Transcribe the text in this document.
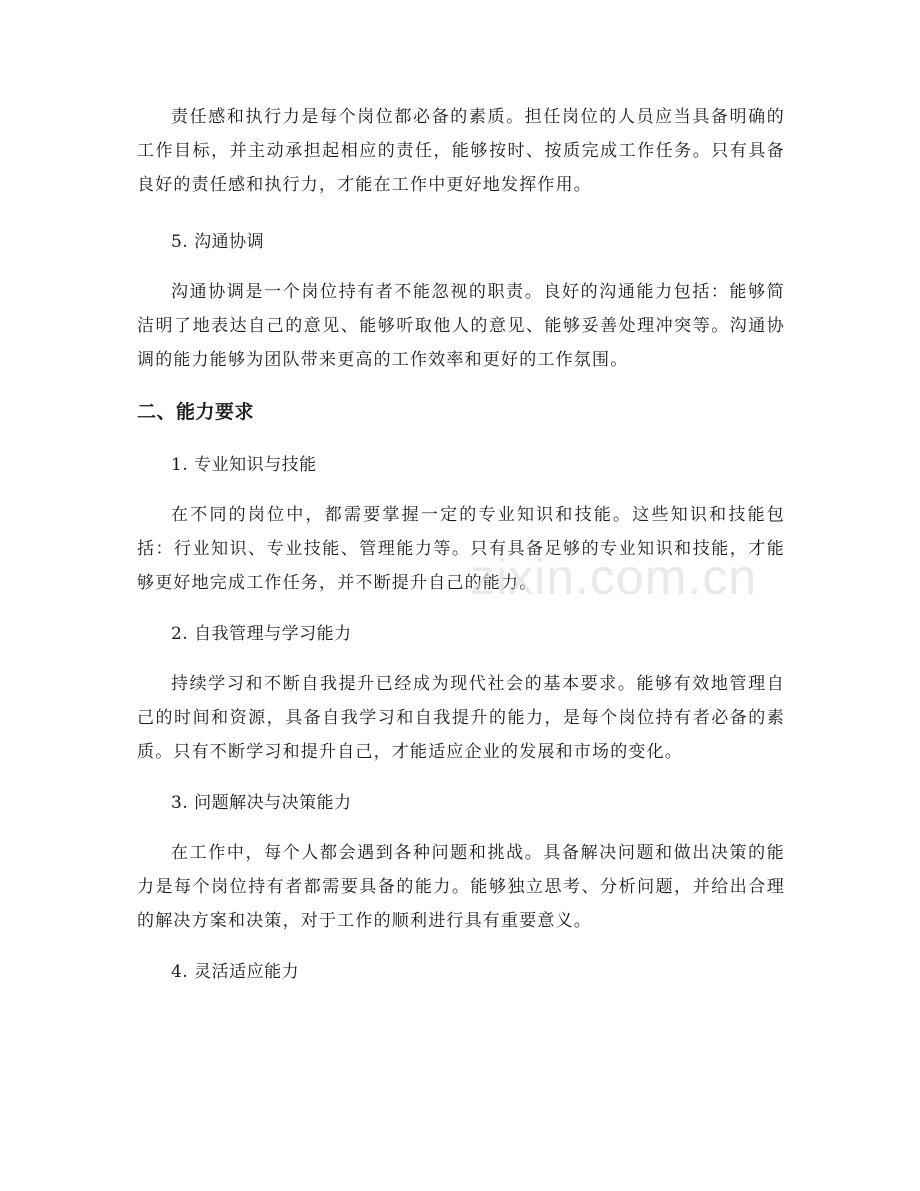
责任感和执行力是每个岗位都必备的素质。担任岗位的人员应当具备明确的工作目标，并主动承担起相应的责任，能够按时、按质完成工作任务。只有具备良好的责任感和执行力，才能在工作中更好地发挥作用。

5. 沟通协调

沟通协调是一个岗位持有者不能忽视的职责。良好的沟通能力包括：能够简洁明了地表达自己的意见、能够听取他人的意见、能够妥善处理冲突等。沟通协调的能力能够为团队带来更高的工作效率和更好的工作氛围。

二、能力要求

1. 专业知识与技能

在不同的岗位中，都需要掌握一定的专业知识和技能。这些知识和技能包括：行业知识、专业技能、管理能力等。只有具备足够的专业知识和技能，才能够更好地完成工作任务，并不断提升自己的能力。

2. 自我管理与学习能力

持续学习和不断自我提升已经成为现代社会的基本要求。能够有效地管理自己的时间和资源，具备自我学习和自我提升的能力，是每个岗位持有者必备的素质。只有不断学习和提升自己，才能适应企业的发展和市场的变化。

3. 问题解决与决策能力

在工作中，每个人都会遇到各种问题和挑战。具备解决问题和做出决策的能力是每个岗位持有者都需要具备的能力。能够独立思考、分析问题，并给出合理的解决方案和决策，对于工作的顺利进行具有重要意义。

4. 灵活适应能力

zixin.com.cn
